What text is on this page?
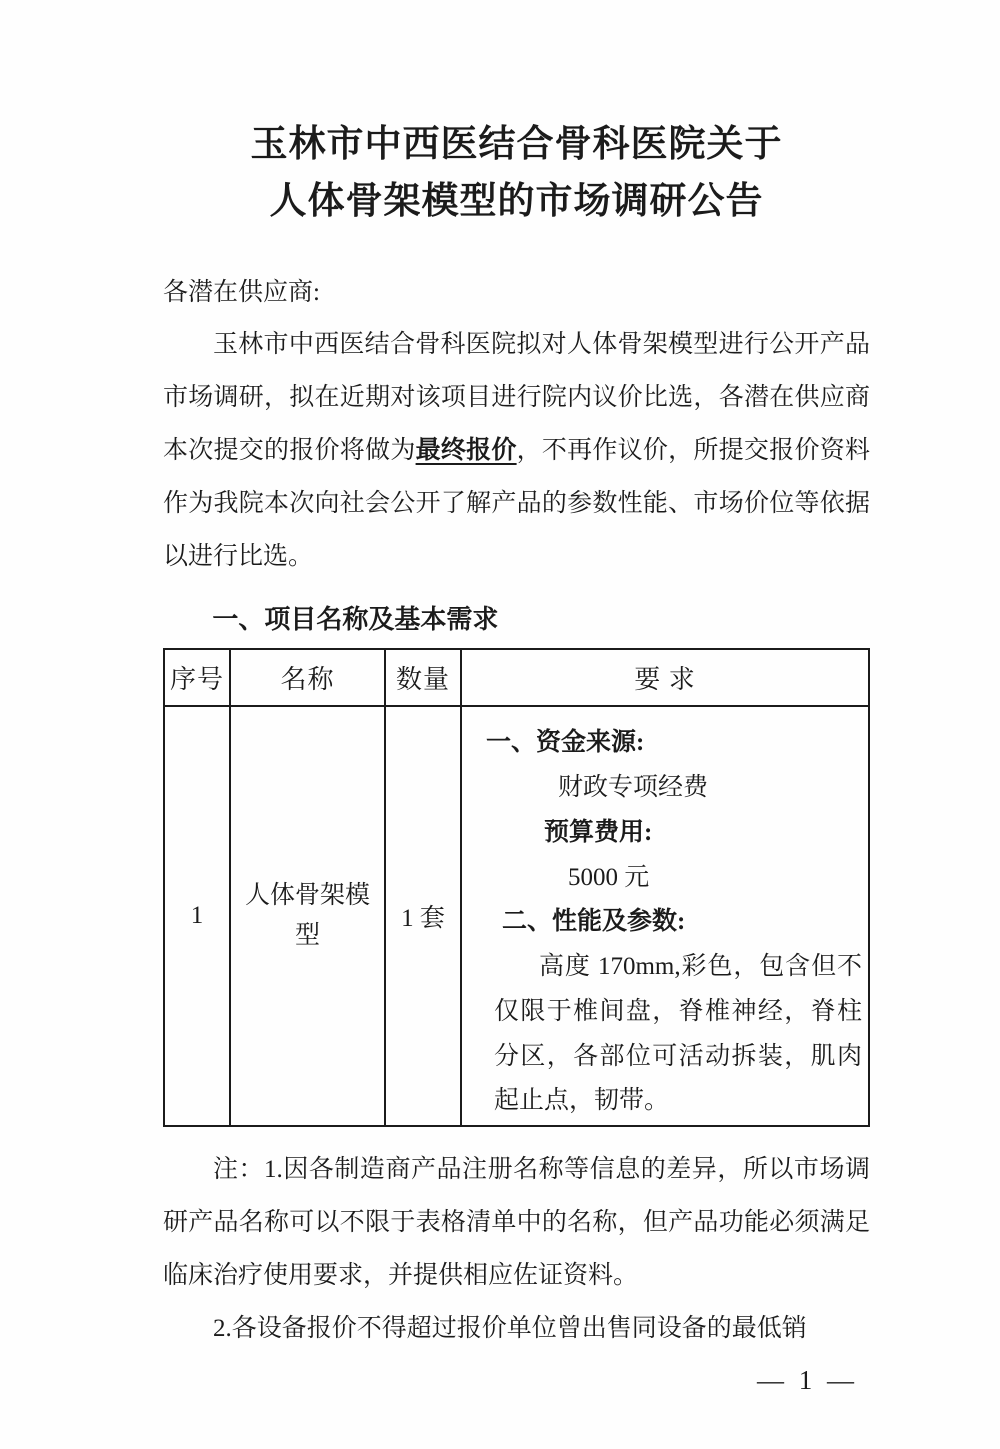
玉林市中西医结合骨科医院关于
人体骨架模型的市场调研公告
各潜在供应商:

玉林市中西医结合骨科医院拟对人体骨架模型进行公开产品市场调研，拟在近期对该项目进行院内议价比选，各潜在供应商本次提交的报价将做为最终报价，不再作议价，所提交报价资料作为我院本次向社会公开了解产品的参数性能、市场价位等依据以进行比选。

一、项目名称及基本需求
序号	名称	数量	要 求
1	人体骨架模型	1 套	
一、资金来源:
财政专项经费
预算费用:
5000 元
二、性能及参数:

高度 170mm,彩色，包含但不仅限于椎间盘，脊椎神经，脊柱分区，各部位可活动拆装，肌肉起止点，韧带。

注：1.因各制造商产品注册名称等信息的差异，所以市场调研产品名称可以不限于表格清单中的名称，但产品功能必须满足临床治疗使用要求，并提供相应佐证资料。

2.各设备报价不得超过报价单位曾出售同设备的最低销

— 1 —
